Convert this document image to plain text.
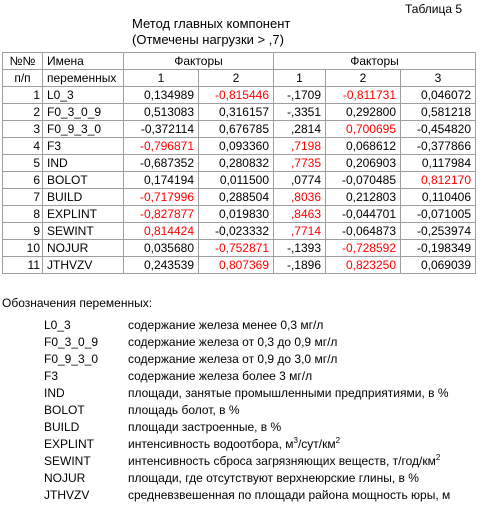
Таблица 5
Метод главных компонент
(Отмечены нагрузки > ,7)
№№	Имена	Факторы		Факторы		
п/п	переменных	1	2	1	2	3
1	L0_3	0,134989	-0,815446	-,1709	-0,811731	0,046072
2	F0_3_0_9	0,513083	0,316157	-,3351	0,292800	0,581218
3	F0_9_3_0	-0,372114	0,676785	,2814	0,700695	-0,454820
4	F3	-0,796871	0,093360	,7198	0,068612	-0,377866
5	IND	-0,687352	0,280832	,7735	0,206903	0,117984
6	BOLOT	0,174194	0,011500	,0774	-0,070485	0,812170
7	BUILD	-0,717996	0,288504	,8036	0,212803	0,110406
8	EXPLINT	-0,827877	0,019830	,8463	-0,044701	-0,071005
9	SEWINT	0,814424	-0,023332	,7714	-0,064873	-0,253974
10	NOJUR	0,035680	-0,752871	-,1393	-0,728592	-0,198349
11	JTHVZV	0,243539	0,807369	-,1896	0,823250	0,069039
Обозначения переменных:
L0_3	содержание железа менее 0,3 мг/л
F0_3_0_9 содержание железа от 0,3 до 0,9 мг/л
F0_9_3_0 содержание железа от 0,9 до 3,0 мг/л
F3	содержание железа более 3 мг/л
IND	площади, занятые промышленными предприятиями, в %
BOLOT	площадь болот, в %
BUILD	площади застроенные, в %
EXPLINT	интенсивность водоотбора, $м^3/сут/км^2$
SEWINT	интенсивность сброса загрязняющих веществ, $т/год/км^2$
NOJUR	площади, где отсутствуют верхнеюрские глины, в %
JTHVZV	средневзвешенная по площади района мощность юры, м
